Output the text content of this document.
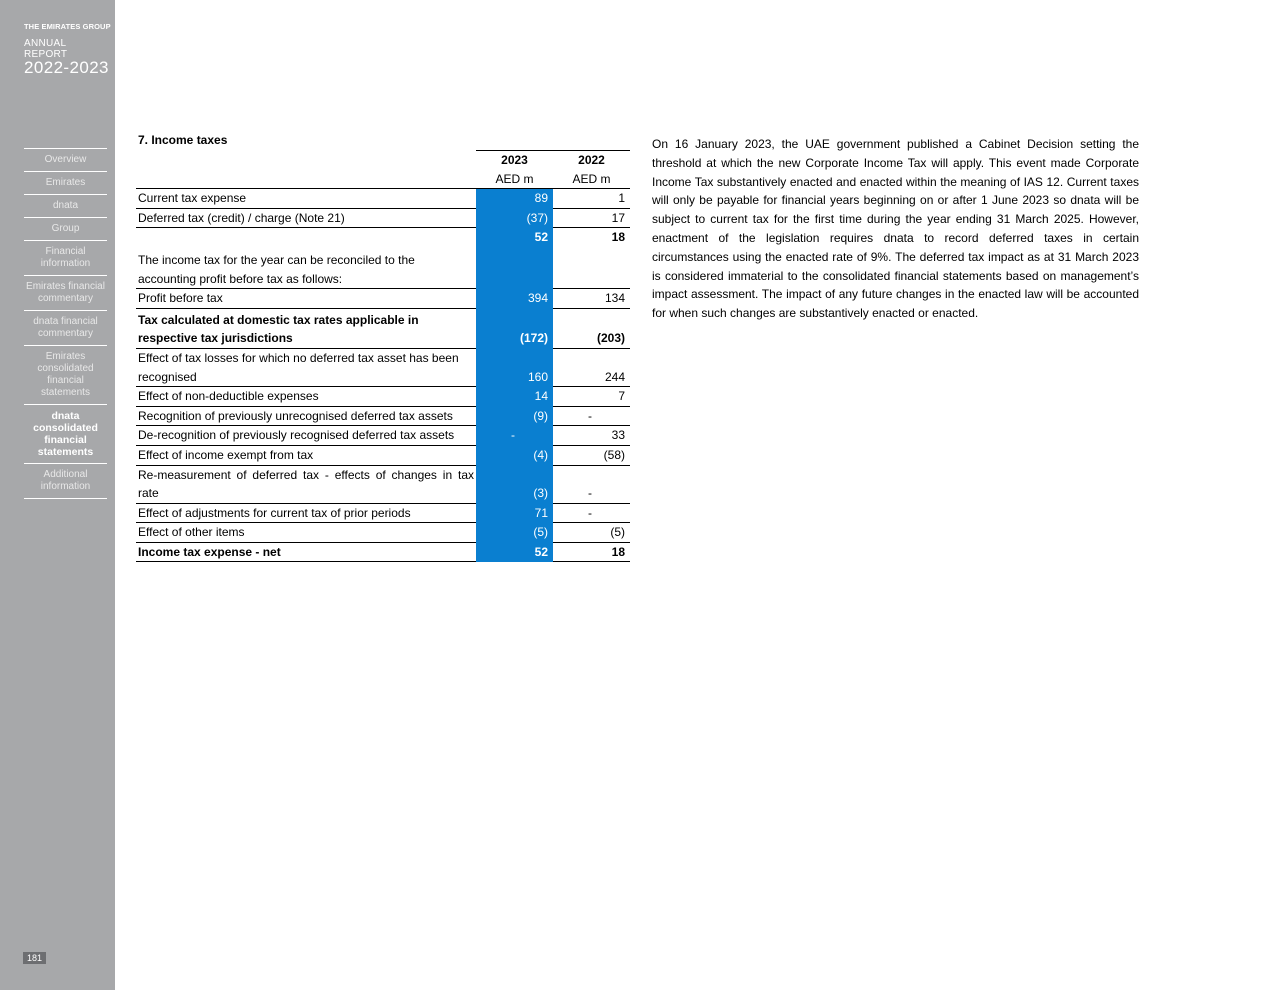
THE EMIRATES GROUP
ANNUAL REPORT
2022-2023
Overview
Emirates
dnata
Group
Financial information
Emirates financial commentary
dnata financial commentary
Emirates consolidated financial statements
dnata consolidated financial statements
Additional information
181
7. Income taxes
	2023	2022
	AED m	AED m
Current tax expense	89	1
Deferred tax (credit) / charge (Note 21)	(37)	17
	52	18
The income tax for the year can be reconciled to the accounting profit before tax as follows:		
Profit before tax	394	134
Tax calculated at domestic tax rates applicable in respective tax jurisdictions	(172)	(203)
Effect of tax losses for which no deferred tax asset has been recognised	160	244
Effect of non-deductible expenses	14	7
Recognition of previously unrecognised deferred tax assets	(9)	-
De-recognition of previously recognised deferred tax assets	-	33
Effect of income exempt from tax	(4)	(58)
Re-measurement of deferred tax - effects of changes in tax rate	(3)	-
Effect of adjustments for current tax of prior periods	71	-
Effect of other items	(5)	(5)
Income tax expense - net	52	18
On 16 January 2023, the UAE government published a Cabinet Decision setting the threshold at which the new Corporate Income Tax will apply. This event made Corporate Income Tax substantively enacted and enacted within the meaning of IAS 12. Current taxes will only be payable for financial years beginning on or after 1 June 2023 so dnata will be subject to current tax for the first time during the year ending 31 March 2025. However, enactment of the legislation requires dnata to record deferred taxes in certain circumstances using the enacted rate of 9%. The deferred tax impact as at 31 March 2023 is considered immaterial to the consolidated financial statements based on management’s impact assessment. The impact of any future changes in the enacted law will be accounted for when such changes are substantively enacted or enacted.
